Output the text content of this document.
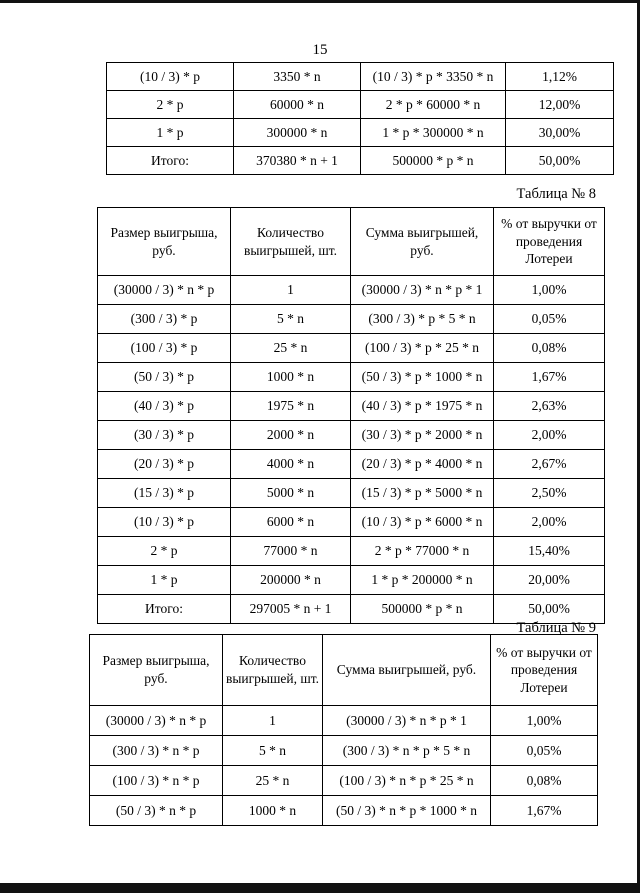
15
(10 / 3) * p	3350 * n	(10 / 3) * p * 3350 * n	1,12%
2 * p	60000 * n	2 * p * 60000 * n	12,00%
1 * p	300000 * n	1 * p * 300000 * n	30,00%
Итого:	370380 * n + 1	500000 * p * n	50,00%
Таблица № 8
Размер выигрыша, руб.	Количество выигрышей, шт.	Сумма выигрышей, руб.	% от выручки от проведения Лотереи
(30000 / 3) * n * p	1	(30000 / 3) * n * p * 1	1,00%
(300 / 3) * p	5 * n	(300 / 3) * p * 5 * n	0,05%
(100 / 3) * p	25 * n	(100 / 3) * p * 25 * n	0,08%
(50 / 3) * p	1000 * n	(50 / 3) * p * 1000 * n	1,67%
(40 / 3) * p	1975 * n	(40 / 3) * p * 1975 * n	2,63%
(30 / 3) * p	2000 * n	(30 / 3) * p * 2000 * n	2,00%
(20 / 3) * p	4000 * n	(20 / 3) * p * 4000 * n	2,67%
(15 / 3) * p	5000 * n	(15 / 3) * p * 5000 * n	2,50%
(10 / 3) * p	6000 * n	(10 / 3) * p * 6000 * n	2,00%
2 * p	77000 * n	2 * p * 77000 * n	15,40%
1 * p	200000 * n	1 * p * 200000 * n	20,00%
Итого:	297005 * n + 1	500000 * p * n	50,00%
Таблица № 9
Размер выигрыша, руб.	Количество выигрышей, шт.	Сумма выигрышей, руб.	% от выручки от проведения Лотереи
(30000 / 3) * n * p	1	(30000 / 3) * n * p * 1	1,00%
(300 / 3) * n * p	5 * n	(300 / 3) * n * p * 5 * n	0,05%
(100 / 3) * n * p	25 * n	(100 / 3) * n * p * 25 * n	0,08%
(50 / 3) * n * p	1000 * n	(50 / 3) * n * p * 1000 * n	1,67%
